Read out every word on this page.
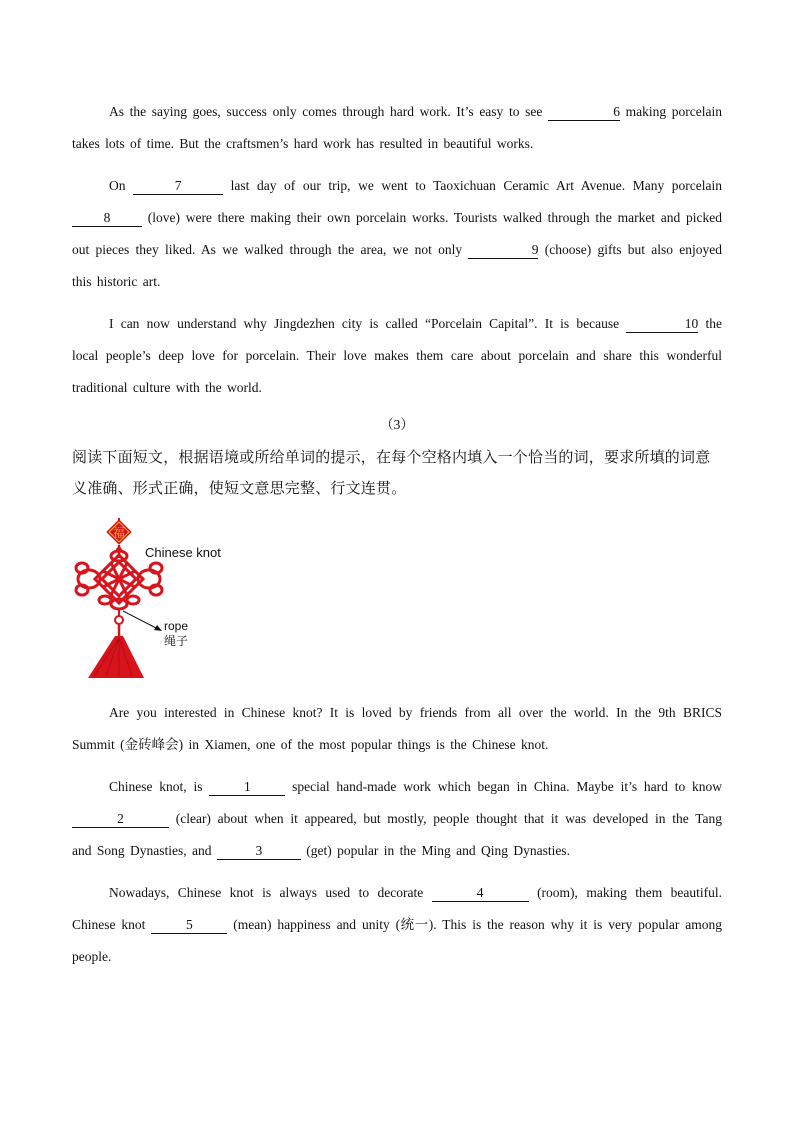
As the saying goes, success only comes through hard work. It’s easy to see	6 making porcelain takes lots of time. But the craftsmen’s hard work has resulted in beautiful works.

On	7	last day of our trip, we went to Taoxichuan Ceramic Art Avenue. Many porcelain 8	(love) were there making their own porcelain works. Tourists walked through the market and picked out pieces they liked. As we walked through the area, we not only	9 (choose) gifts but also enjoyed this historic art.

I can now understand why Jingdezhen city is called “Porcelain Capital”. It is because	10 the local people’s deep love for porcelain. Their love makes them care about porcelain and share this wonderful traditional culture with the world.

（3）
阅读下面短文，根据语境或所给单词的提示，在每个空格内填入一个恰当的词，要求所填的词意义准确、形式正确，使短文意思完整、行文连贯。
福
Chinese knot
rope
绳子

Are you interested in Chinese knot? It is loved by friends from all over the world. In the 9th BRICS Summit (金砖峰会) in Xiamen, one of the most popular things is the Chinese knot.

Chinese knot, is	1	special hand-made work which began in China. Maybe it’s hard to know 2	(clear) about when it appeared, but mostly, people thought that it was developed in the Tang and Song Dynasties, and	3	(get) popular in the Ming and Qing Dynasties.

Nowadays, Chinese knot is always used to decorate	4	(room), making them beautiful. Chinese knot	5	(mean) happiness and unity (统一). This is the reason why it is very popular among people.
